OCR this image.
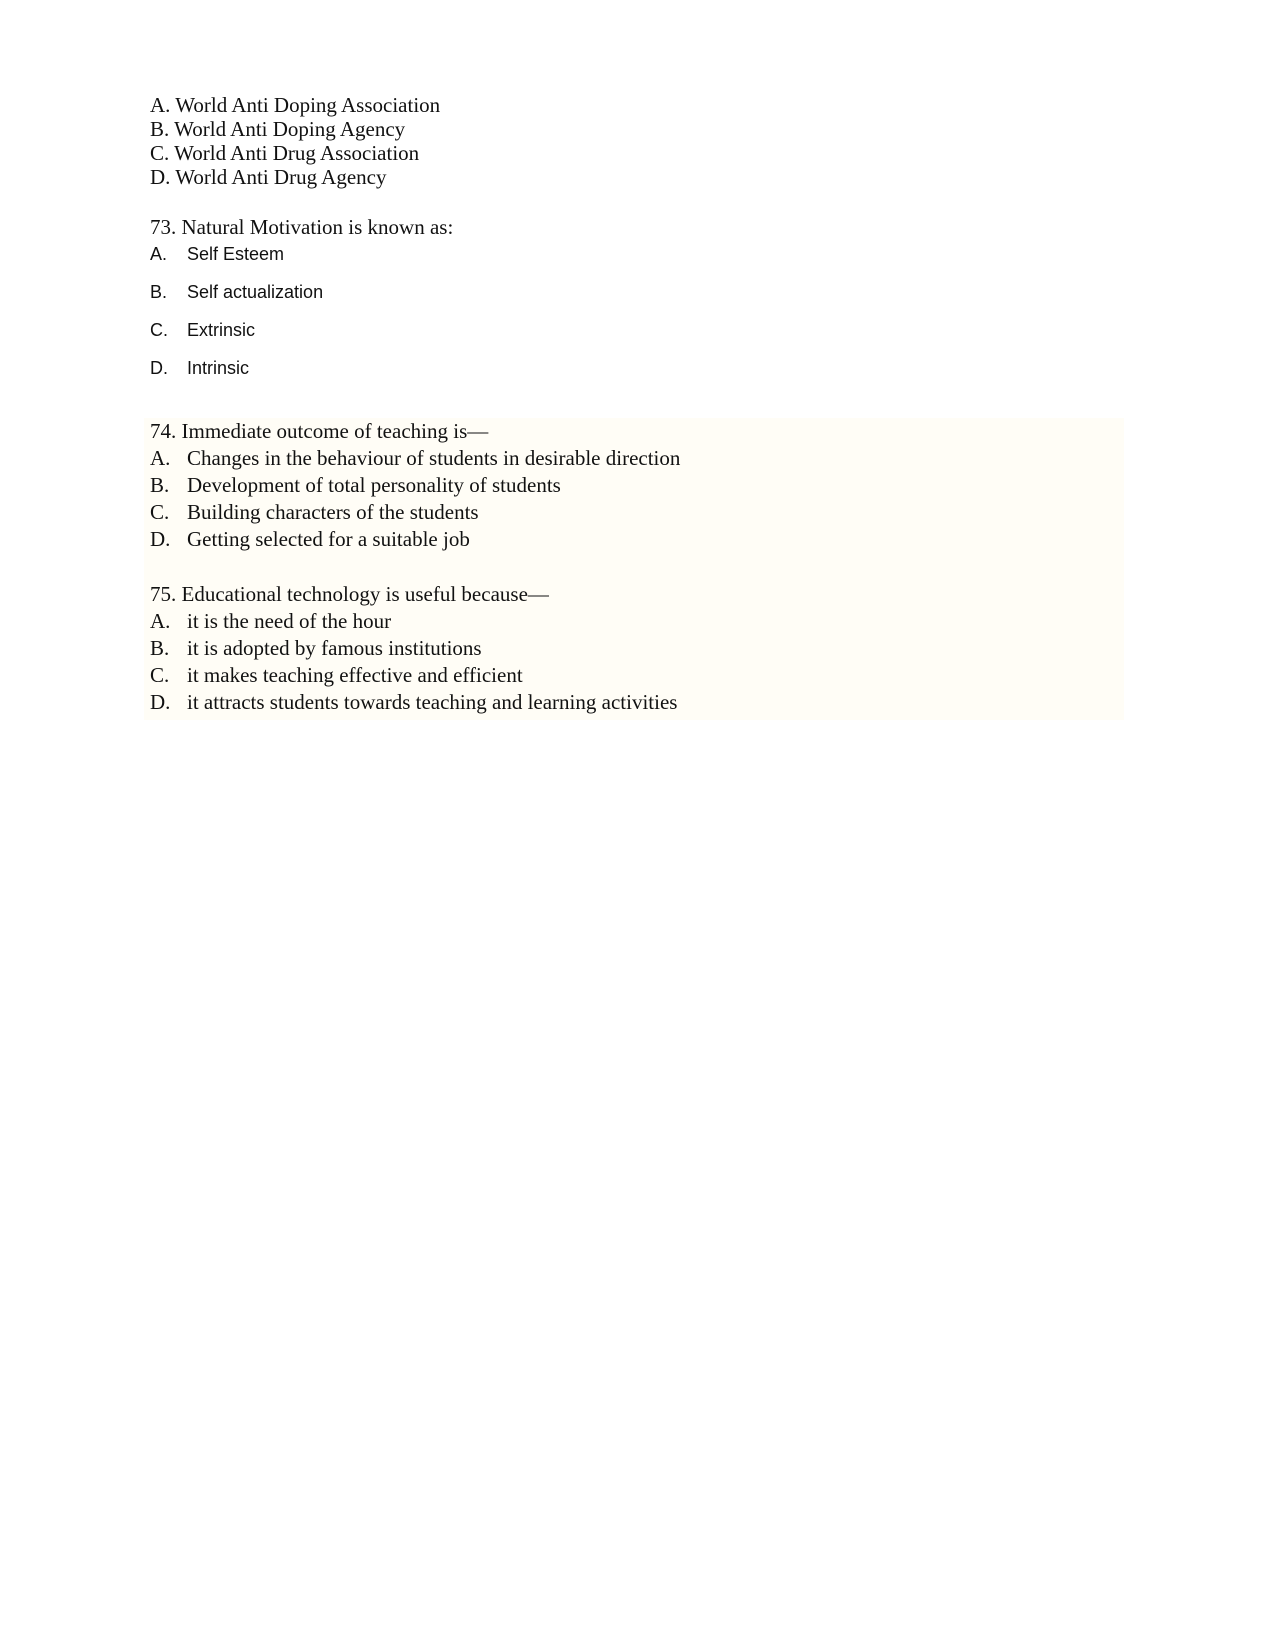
A. World Anti Doping Association
B. World Anti Doping Agency
C. World Anti Drug Association
D. World Anti Drug Agency
73. Natural Motivation is known as:
A. Self Esteem
B. Self actualization
C. Extrinsic
D. Intrinsic
74. Immediate outcome of teaching is—
A. Changes in the behaviour of students in desirable direction
B. Development of total personality of students
C. Building characters of the students
D. Getting selected for a suitable job
75. Educational technology is useful because—
A. it is the need of the hour
B. it is adopted by famous institutions
C. it makes teaching effective and efficient
D. it attracts students towards teaching and learning activities
